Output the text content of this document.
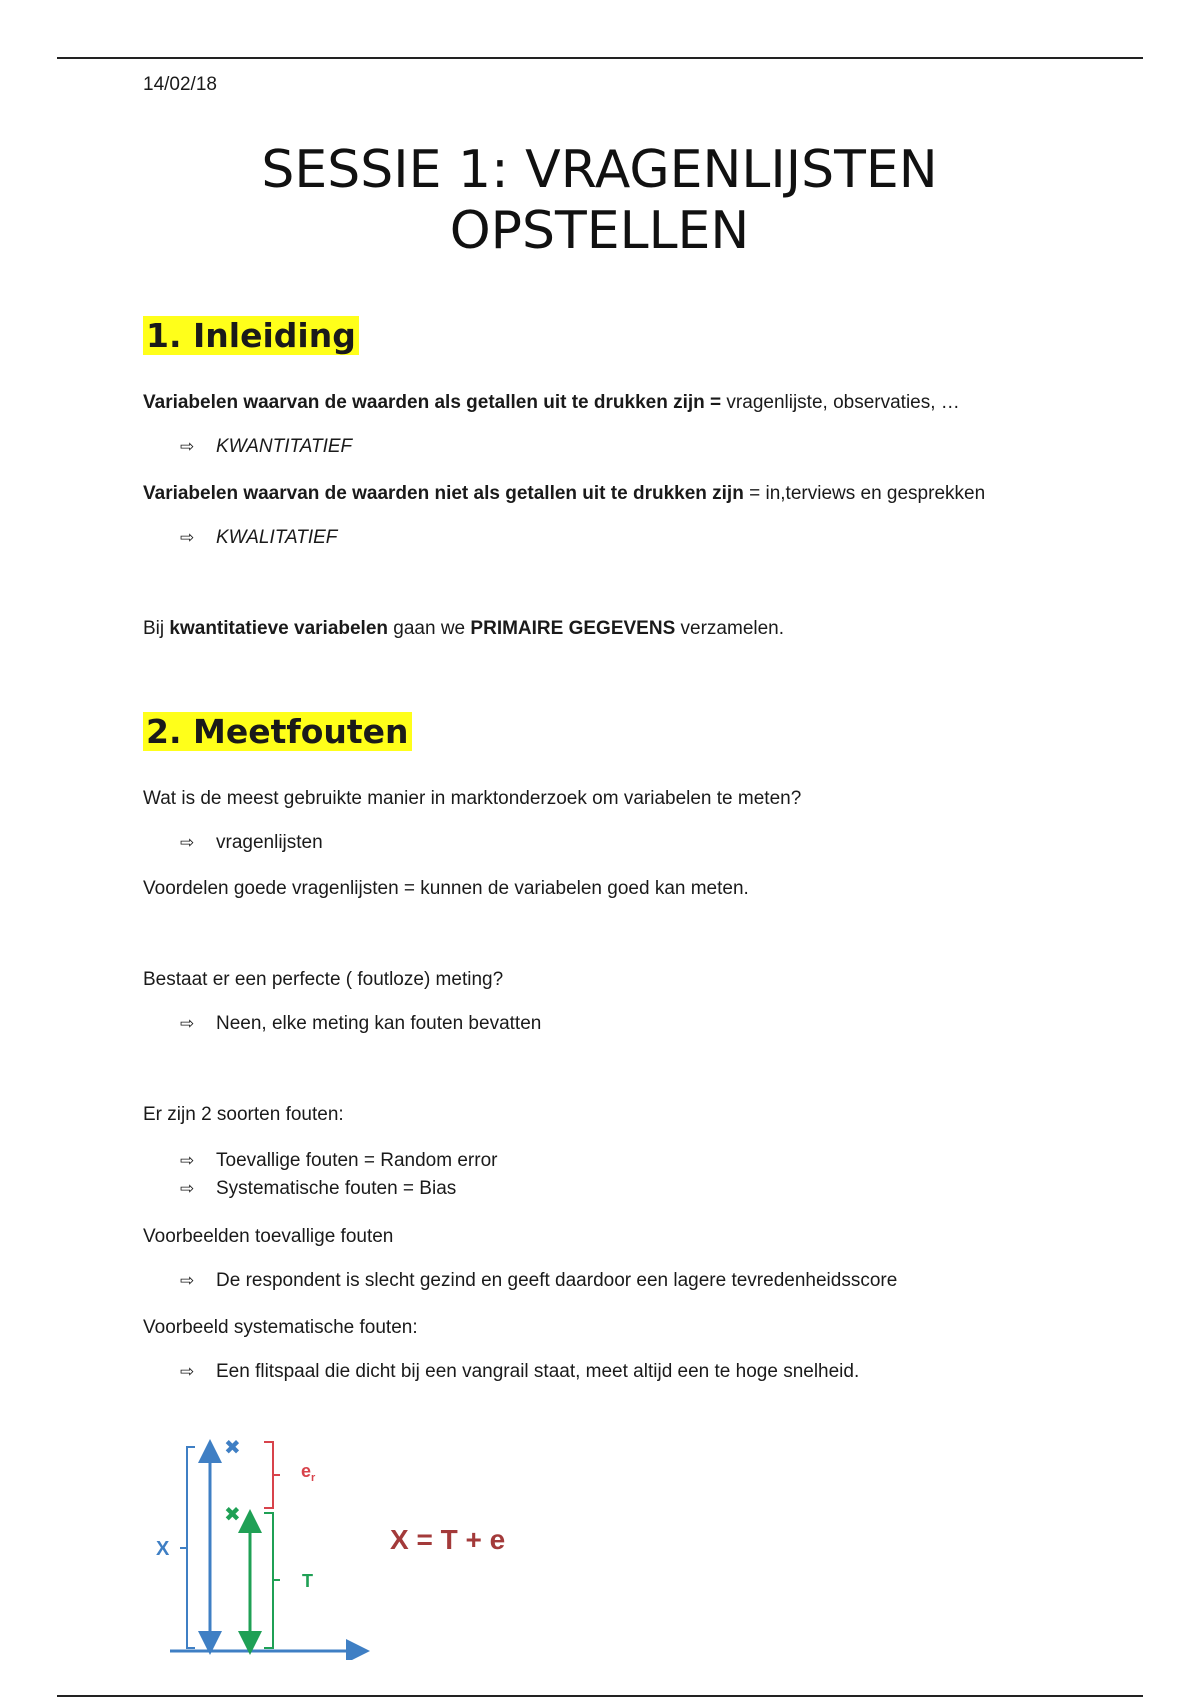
14/02/18
SESSIE 1: VRAGENLIJSTEN
OPSTELLEN
1. Inleiding
Variabelen waarvan de waarden als getallen uit te drukken zijn = vragenlijste, observaties, …
⇨ KWANTITATIEF
Variabelen waarvan de waarden niet als getallen uit te drukken zijn = in,terviews en gesprekken
⇨ KWALITATIEF
Bij kwantitatieve variabelen gaan we PRIMAIRE GEGEVENS verzamelen.
2. Meetfouten
Wat is de meest gebruikte manier in marktonderzoek om variabelen te meten?
⇨ vragenlijsten
Voordelen goede vragenlijsten = kunnen de variabelen goed kan meten.
Bestaat er een perfecte ( foutloze) meting?
⇨ Neen, elke meting kan fouten bevatten
Er zijn 2 soorten fouten:
⇨ Toevallige fouten = Random error
⇨ Systematische fouten = Bias
Voorbeelden toevallige fouten
⇨ De respondent is slecht gezind en geeft daardoor een lagere tevredenheidsscore
Voorbeeld systematische fouten:
⇨ Een flitspaal die dicht bij een vangrail staat, meet altijd een te hoge snelheid.
X
✖
✖
$e_r$
T
X = T + e
